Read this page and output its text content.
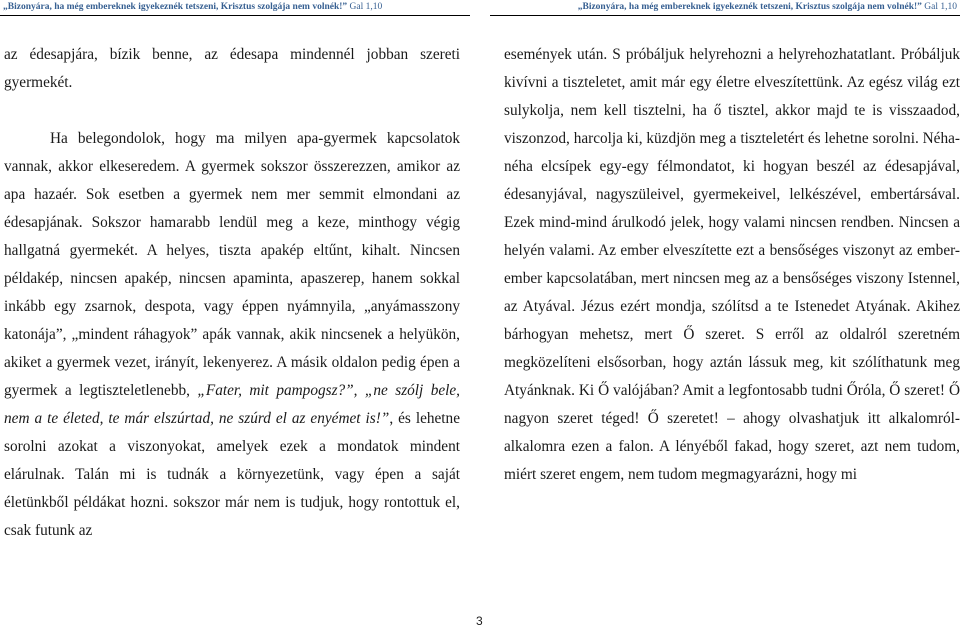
„Bizonyára, ha még embereknek igyekeznék tetszeni, Krisztus szolgája nem volnék!” Gal 1,10	„Bizonyára, ha még embereknek igyekeznék tetszeni, Krisztus szolgája nem volnék!” Gal 1,10

az édesapjára, bízik benne, az édesapa mindennél jobban szereti gyermekét.

Ha belegondolok, hogy ma milyen apa-gyermek kapcsolatok vannak, akkor elkeseredem. A gyermek sokszor összerezzen, amikor az apa hazaér. Sok esetben a gyermek nem mer semmit elmondani az édesapjának. Sokszor hamarabb lendül meg a keze, minthogy végig hallgatná gyermekét. A helyes, tiszta apakép eltűnt, kihalt. Nincsen példakép, nincsen apakép, nincsen apaminta, apaszerep, hanem sokkal inkább egy zsarnok, despota, vagy éppen nyámnyila, „anyámasszony katonája”, „mindent ráhagyok” apák vannak, akik nincsenek a helyükön, akiket a gyermek vezet, irányít, lekenyerez. A másik oldalon pedig épen a gyermek a legtiszteletlenebb, „Fater, mit pampogsz?”, „ne szólj bele, nem a te életed, te már elszúrtad, ne szúrd el az enyémet is!”, és lehetne sorolni azokat a viszonyokat, amelyek ezek a mondatok mindent elárulnak. Talán mi is tudnák a környezetünk, vagy épen a saját életünkből példákat hozni. sokszor már nem is tudjuk, hogy rontottuk el, csak futunk az

események után. S próbáljuk helyrehozni a helyrehozhatatlant. Próbáljuk kivívni a tiszteletet, amit már egy életre elveszítettünk. Az egész világ ezt sulykolja, nem kell tisztelni, ha ő tisztel, akkor majd te is visszaadod, viszonzod, harcolja ki, küzdjön meg a tiszteletért és lehetne sorolni. Néha-néha elcsípek egy-egy félmondatot, ki hogyan beszél az édesapjával, édesanyjával, nagyszüleivel, gyermekeivel, lelkészével, embertársával. Ezek mind-mind árulkodó jelek, hogy valami nincsen rendben. Nincsen a helyén valami. Az ember elveszítette ezt a bensőséges viszonyt az ember-ember kapcsolatában, mert nincsen meg az a bensőséges viszony Istennel, az Atyával. Jézus ezért mondja, szólítsd a te Istenedet Atyának. Akihez bárhogyan mehetsz, mert Ő szeret. S erről az oldalról szeretném megközelíteni elsősorban, hogy aztán lássuk meg, kit szólíthatunk meg Atyánknak. Ki Ő valójában? Amit a legfontosabb tudni Őróla, Ő szeret! Ő nagyon szeret téged! Ő szeretet! – ahogy olvashatjuk itt alkalomról-alkalomra ezen a falon. A lényéből fakad, hogy szeret, azt nem tudom, miért szeret engem, nem tudom megmagyarázni, hogy mi

3
